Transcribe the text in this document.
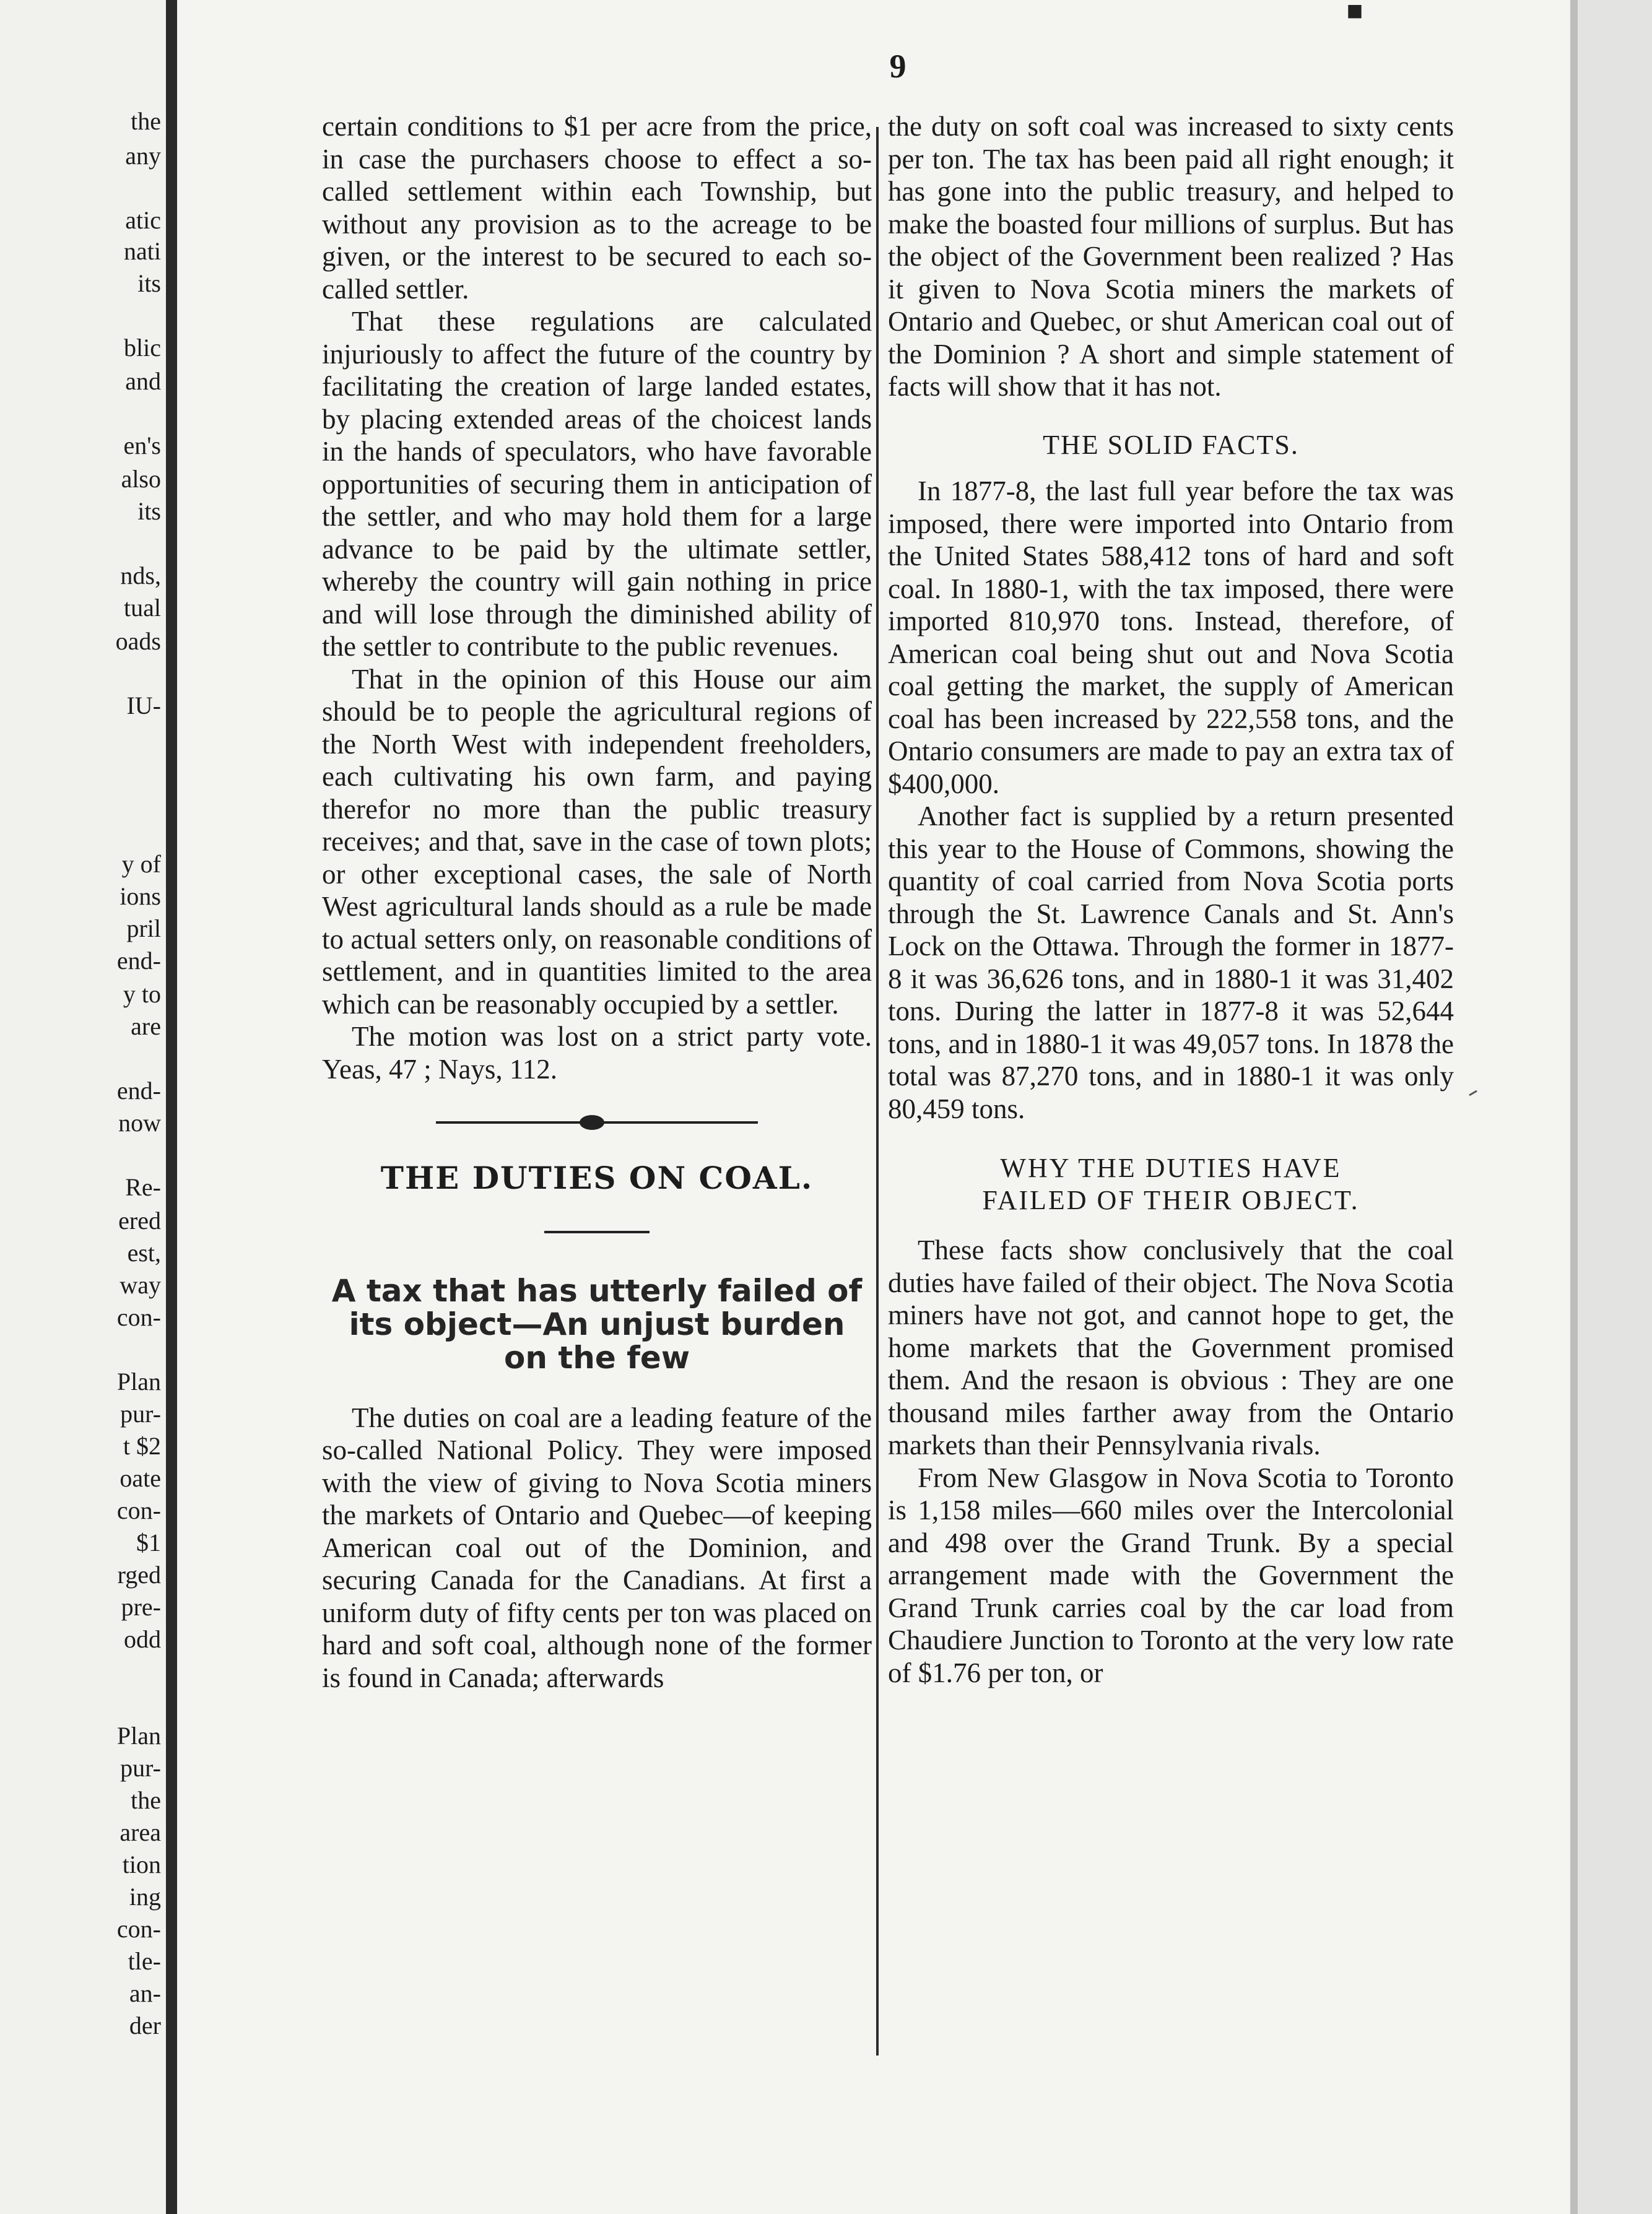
the
any
atic
nati
its
blic
and
en's
also
its
nds,
tual
oads
IU-
y of
ions
pril
end-
y to
are
end-
now
Re-
ered
est,
way
con-
Plan
pur-
t $2
oate
con-
$1
rged
pre-
odd
Plan
pur-
the
area
tion
ing
con-
tle-
an-
der
■
9

certain conditions to $1 per acre from the price, in case the purchasers choose to effect a so-called settlement within each Township, but without any provision as to the acreage to be given, or the interest to be secured to each so-called settler.

That these regulations are calculated injuriously to affect the future of the country by facilitating the creation of large landed estates, by placing extended areas of the choicest lands in the hands of speculators, who have favorable opportunities of securing them in anticipation of the settler, and who may hold them for a large advance to be paid by the ultimate settler, whereby the country will gain nothing in price and will lose through the diminished ability of the settler to contribute to the public revenues.

That in the opinion of this House our aim should be to people the agricultural regions of the North West with independent freeholders, each cultivating his own farm, and paying therefor no more than the public treasury receives; and that, save in the case of town plots; or other exceptional cases, the sale of North West agricultural lands should as a rule be made to actual setters only, on reasonable conditions of settlement, and in quantities limited to the area which can be reasonably occupied by a settler.

The motion was lost on a strict party vote. Yeas, 47 ; Nays, 112.

THE DUTIES ON COAL.
A tax that has utterly failed of its object—An unjust burden on the few

The duties on coal are a leading feature of the so-called National Policy. They were imposed with the view of giving to Nova Scotia miners the markets of Ontario and Quebec—of keeping American coal out of the Dominion, and securing Canada for the Canadians. At first a uniform duty of fifty cents per ton was placed on hard and soft coal, although none of the former is found in Canada; afterwards

the duty on soft coal was increased to sixty cents per ton. The tax has been paid all right enough; it has gone into the public treasury, and helped to make the boasted four millions of surplus. But has the object of the Government been realized ? Has it given to Nova Scotia miners the markets of Ontario and Quebec, or shut American coal out of the Dominion ? A short and simple statement of facts will show that it has not.

THE SOLID FACTS.

In 1877-8, the last full year before the tax was imposed, there were imported into Ontario from the United States 588,412 tons of hard and soft coal. In 1880-1, with the tax imposed, there were imported 810,970 tons. Instead, therefore, of American coal being shut out and Nova Scotia coal getting the market, the supply of American coal has been increased by 222,558 tons, and the Ontario consumers are made to pay an extra tax of $400,000.

Another fact is supplied by a return presented this year to the House of Commons, showing the quantity of coal carried from Nova Scotia ports through the St. Lawrence Canals and St. Ann's Lock on the Ottawa. Through the former in 1877-8 it was 36,626 tons, and in 1880-1 it was 31,402 tons. During the latter in 1877-8 it was 52,644 tons, and in 1880-1 it was 49,057 tons. In 1878 the total was 87,270 tons, and in 1880-1 it was only 80,459 tons.

WHY THE DUTIES HAVE
FAILED OF THEIR OBJECT.

These facts show conclusively that the coal duties have failed of their object. The Nova Scotia miners have not got, and cannot hope to get, the home markets that the Government promised them. And the resaon is obvious : They are one thousand miles farther away from the Ontario markets than their Pennsylvania rivals.

From New Glasgow in Nova Scotia to Toronto is 1,158 miles—660 miles over the Intercolonial and 498 over the Grand Trunk. By a special arrangement made with the Government the Grand Trunk carries coal by the car load from Chaudiere Junction to Toronto at the very low rate of $1.76 per ton, or
